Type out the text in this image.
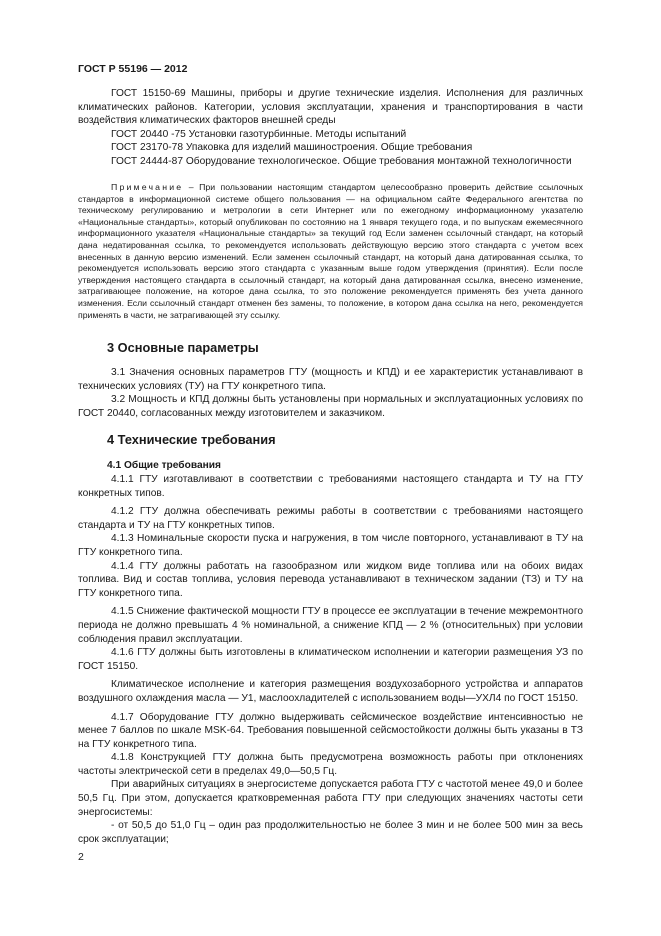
ГОСТ Р 55196 — 2012

ГОСТ 15150-69 Машины, приборы и другие технические изделия. Исполнения для различных климатических районов. Категории, условия эксплуатации, хранения и транспортирования в части воздействия климатических факторов внешней среды

ГОСТ 20440 -75 Установки газотурбинные. Методы испытаний

ГОСТ 23170-78 Упаковка для изделий машиностроения. Общие требования

ГОСТ 24444-87 Оборудование технологическое. Общие требования монтажной технологичности

Примечание – При пользовании настоящим стандартом целесообразно проверить действие ссылочных стандартов в информационной системе общего пользования — на официальном сайте Федерального агентства по техническому регулированию и метрологии в сети Интернет или по ежегодному информационному указателю «Национальные стандарты», который опубликован по состоянию на 1 января текущего года, и по выпускам ежемесячного информационного указателя «Национальные стандарты» за текущий год Если заменен ссылочный стандарт, на который дана недатированная ссылка, то рекомендуется использовать действующую версию этого стандарта с учетом всех внесенных в данную версию изменений. Если заменен ссылочный стандарт, на который дана датированная ссылка, то рекомендуется использовать версию этого стандарта с указанным выше годом утверждения (принятия). Если после утверждения настоящего стандарта в ссылочный стандарт, на который дана датированная ссылка, внесено изменение, затрагивающее положение, на которое дана ссылка, то это положение рекомендуется применять без учета данного изменения. Если ссылочный стандарт отменен без замены, то положение, в котором дана ссылка на него, рекомендуется применять в части, не затрагивающей эту ссылку.

3 Основные параметры

3.1 Значения основных параметров ГТУ (мощность и КПД) и ее характеристик устанавливают в технических условиях (ТУ) на ГТУ конкретного типа.

3.2 Мощность и КПД должны быть установлены при нормальных и эксплуатационных условиях по ГОСТ 20440, согласованных между изготовителем и заказчиком.

4 Технические требования
4.1 Общие требования

4.1.1 ГТУ изготавливают в соответствии с требованиями настоящего стандарта и ТУ на ГТУ конкретных типов.

4.1.2 ГТУ должна обеспечивать режимы работы в соответствии с требованиями настоящего стандарта и ТУ на ГТУ конкретных типов.

4.1.3 Номинальные скорости пуска и нагружения, в том числе повторного, устанавливают в ТУ на ГТУ конкретного типа.

4.1.4 ГТУ должны работать на газообразном или жидком виде топлива или на обоих видах топлива. Вид и состав топлива, условия перевода устанавливают в техническом задании (ТЗ) и ТУ на ГТУ конкретного типа.

4.1.5 Снижение фактической мощности ГТУ в процессе ее эксплуатации в течение межремонтного периода не должно превышать 4 % номинальной, а снижение КПД — 2 % (относительных) при условии соблюдения правил эксплуатации.

4.1.6 ГТУ должны быть изготовлены в климатическом исполнении и категории размещения УЗ по ГОСТ 15150.

Климатическое исполнение и категория размещения воздухозаборного устройства и аппаратов воздушного охлаждения масла — У1, маслоохладителей с использованием воды—УХЛ4 по ГОСТ 15150.

4.1.7 Оборудование ГТУ должно выдерживать сейсмическое воздействие интенсивностью не менее 7 баллов по шкале MSK-64. Требования повышенной сейсмостойкости должны быть указаны в ТЗ на ГТУ конкретного типа.

4.1.8 Конструкцией ГТУ должна быть предусмотрена возможность работы при отклонениях частоты электрической сети в пределах 49,0—50,5 Гц.

При аварийных ситуациях в энергосистеме допускается работа ГТУ с частотой менее 49,0 и более 50,5 Гц. При этом, допускается кратковременная работа ГТУ при следующих значениях частоты сети энергосистемы:

- от 50,5 до 51,0 Гц – один раз продолжительностью не более 3 мин и не более 500 мин за весь срок эксплуатации;

2
